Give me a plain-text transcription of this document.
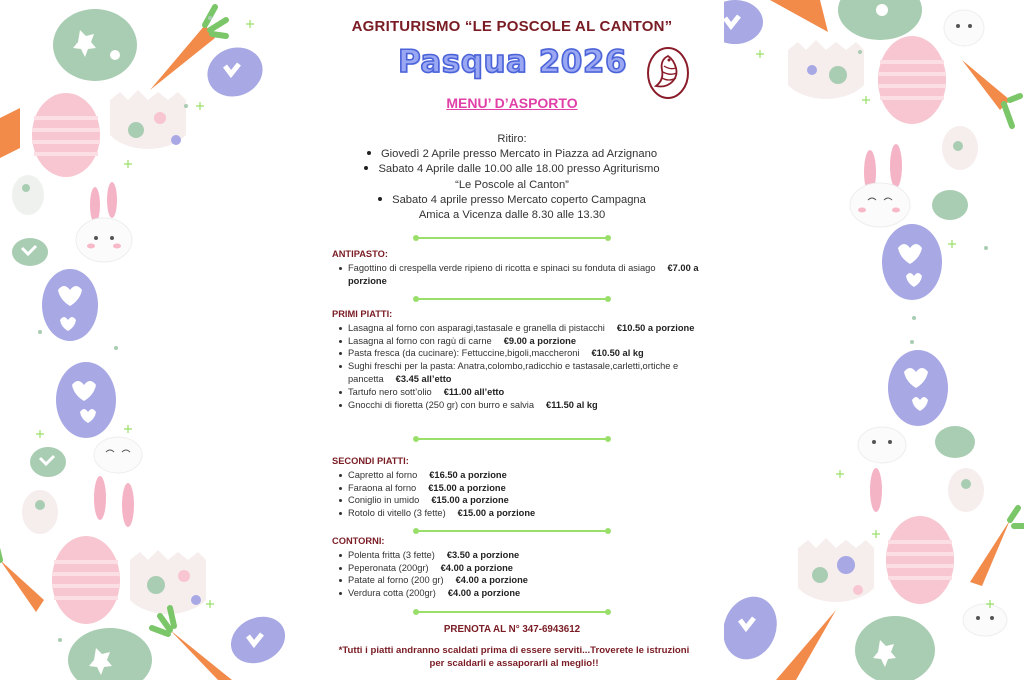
AGRITURISMO “LE POSCOLE AL CANTON”
Pasqua 2026
MENU’ D’ASPORTO
Ritiro:
Giovedì 2 Aprile presso Mercato in Piazza ad Arzignano
Sabato 4 Aprile dalle 10.00 alle 18.00 presso Agriturismo
“Le Poscole al Canton”
Sabato 4 aprile presso Mercato coperto Campagna
Amica a Vicenza dalle 8.30 alle 13.30
ANTIPASTO:
Fagottino di crespella verde ripieno di ricotta e spinaci su fonduta di asiago €7.00 a porzione
PRIMI PIATTI:
Lasagna al forno con asparagi,tastasale e granella di pistacchi €10.50 a porzione
Lasagna al forno con ragù di carne €9.00 a porzione
Pasta fresca (da cucinare): Fettuccine,bigoli,maccheroni €10.50 al kg
Sughi freschi per la pasta: Anatra,colombo,radicchio e tastasale,carletti,ortiche e pancetta €3.45 all’etto
Tartufo nero sott’olio €11.00 all’etto
Gnocchi di fioretta (250 gr) con burro e salvia €11.50 al kg
SECONDI PIATTI:
Capretto al forno €16.50 a porzione
Faraona al forno €15.00 a porzione
Coniglio in umido €15.00 a porzione
Rotolo di vitello (3 fette) €15.00 a porzione
CONTORNI:
Polenta fritta (3 fette) €3.50 a porzione
Peperonata (200gr) €4.00 a porzione
Patate al forno (200 gr) €4.00 a porzione
Verdura cotta (200gr) €4.00 a porzione
PRENOTA AL N° 347-6943612
*Tutti i piatti andranno scaldati prima di essere serviti...Troverete le istruzioni per scaldarli e assaporarli al meglio!!
